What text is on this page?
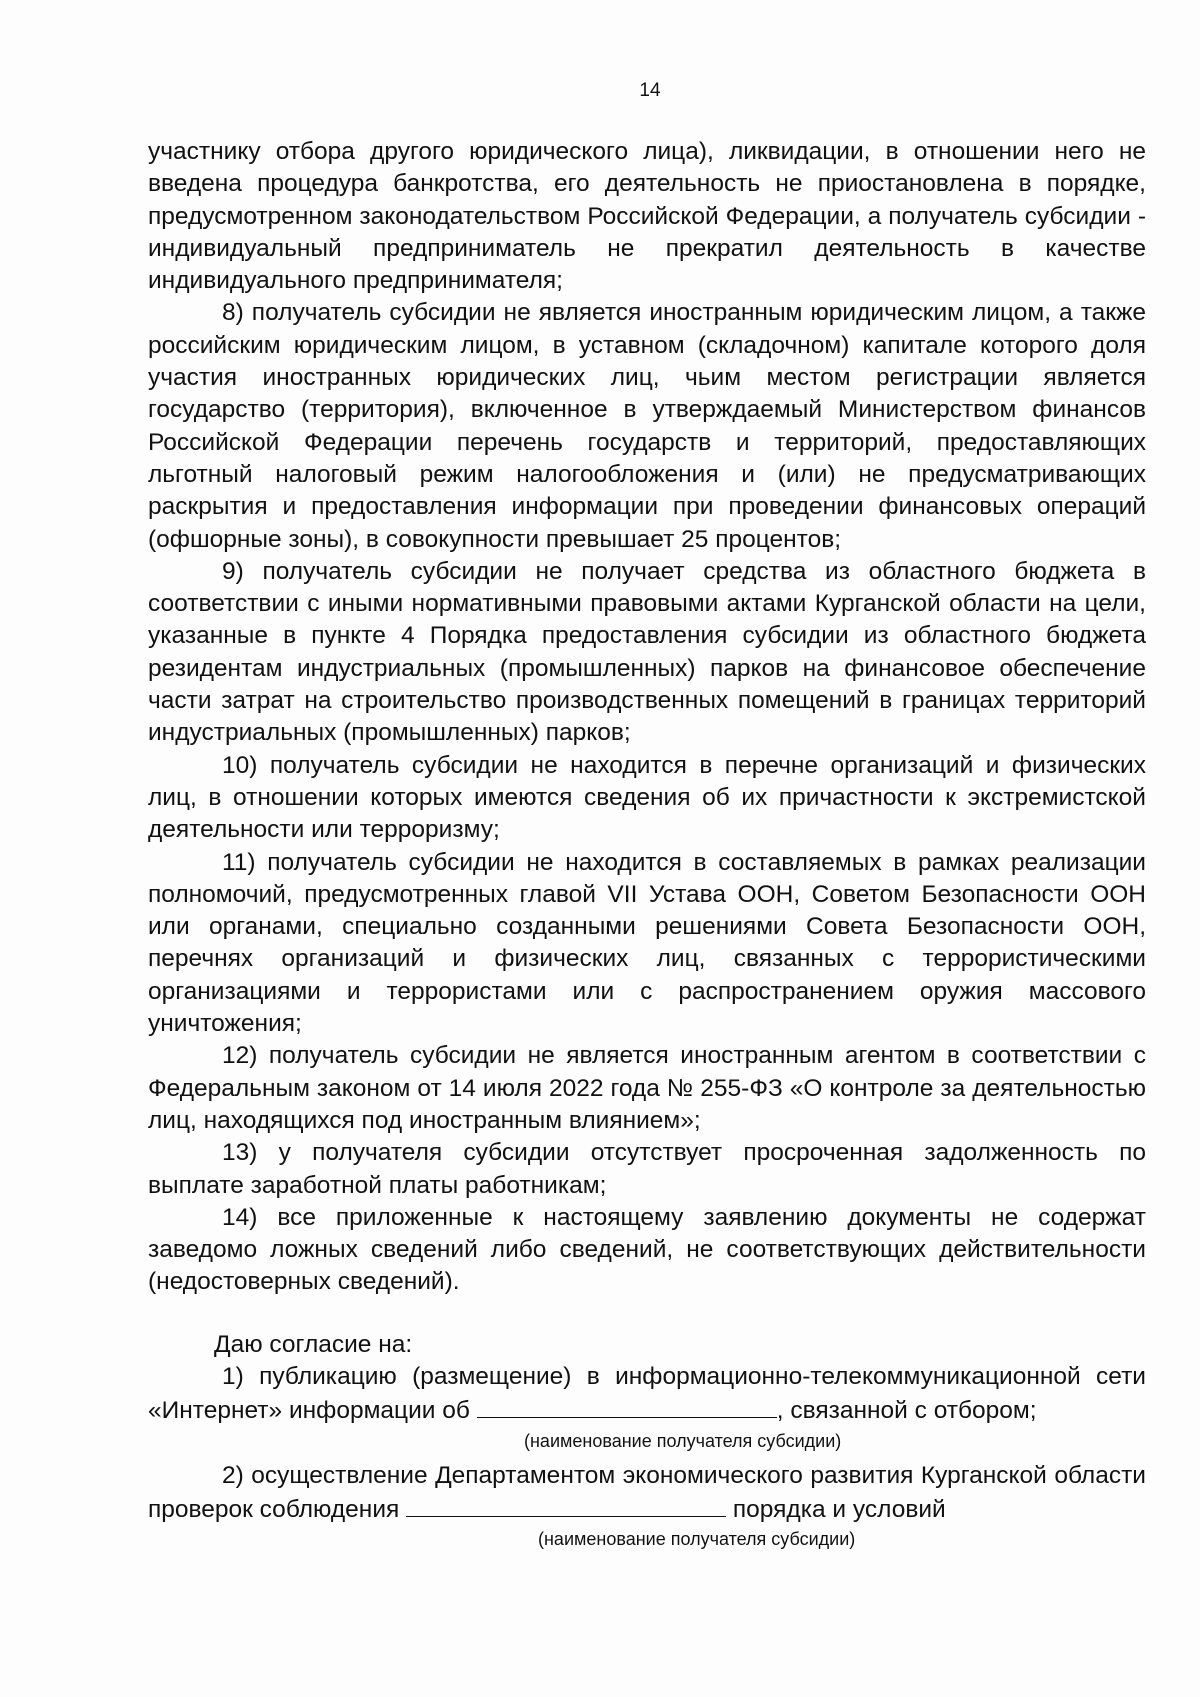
14

участнику отбора другого юридического лица), ликвидации, в отношении него не введена процедура банкротства, его деятельность не приостановлена в порядке, предусмотренном законодательством Российской Федерации, а получатель субсидии - индивидуальный предприниматель не прекратил деятельность в качестве индивидуального предпринимателя;

8) получатель субсидии не является иностранным юридическим лицом, а также российским юридическим лицом, в уставном (складочном) капитале которого доля участия иностранных юридических лиц, чьим местом регистрации является государство (территория), включенное в утверждаемый Министерством финансов Российской Федерации перечень государств и территорий, предоставляющих льготный налоговый режим налогообложения и (или) не предусматривающих раскрытия и предоставления информации при проведении финансовых операций (офшорные зоны), в совокупности превышает 25 процентов;

9) получатель субсидии не получает средства из областного бюджета в соответствии с иными нормативными правовыми актами Курганской области на цели, указанные в пункте 4 Порядка предоставления субсидии из областного бюджета резидентам индустриальных (промышленных) парков на финансовое обеспечение части затрат на строительство производственных помещений в границах территорий индустриальных (промышленных) парков;

10) получатель субсидии не находится в перечне организаций и физических лиц, в отношении которых имеются сведения об их причастности к экстремистской деятельности или терроризму;

11) получатель субсидии не находится в составляемых в рамках реализации полномочий, предусмотренных главой VII Устава ООН, Советом Безопасности ООН или органами, специально созданными решениями Совета Безопасности ООН, перечнях организаций и физических лиц, связанных с террористическими организациями и террористами или с распространением оружия массового уничтожения;

12) получатель субсидии не является иностранным агентом в соответствии с Федеральным законом от 14 июля 2022 года № 255-ФЗ «О контроле за деятельностью лиц, находящихся под иностранным влиянием»;

13) у получателя субсидии отсутствует просроченная задолженность по выплате заработной платы работникам;

14) все приложенные к настоящему заявлению документы не содержат заведомо ложных сведений либо сведений, не соответствующих действительности (недостоверных сведений).

Даю согласие на:

1) публикацию (размещение) в информационно-телекоммуникационной сети «Интернет» информации об	, связанной с отбором;

(наименование получателя субсидии)

2) осуществление Департаментом экономического развития Курганской области проверок соблюдения	порядка и условий

(наименование получателя субсидии)
